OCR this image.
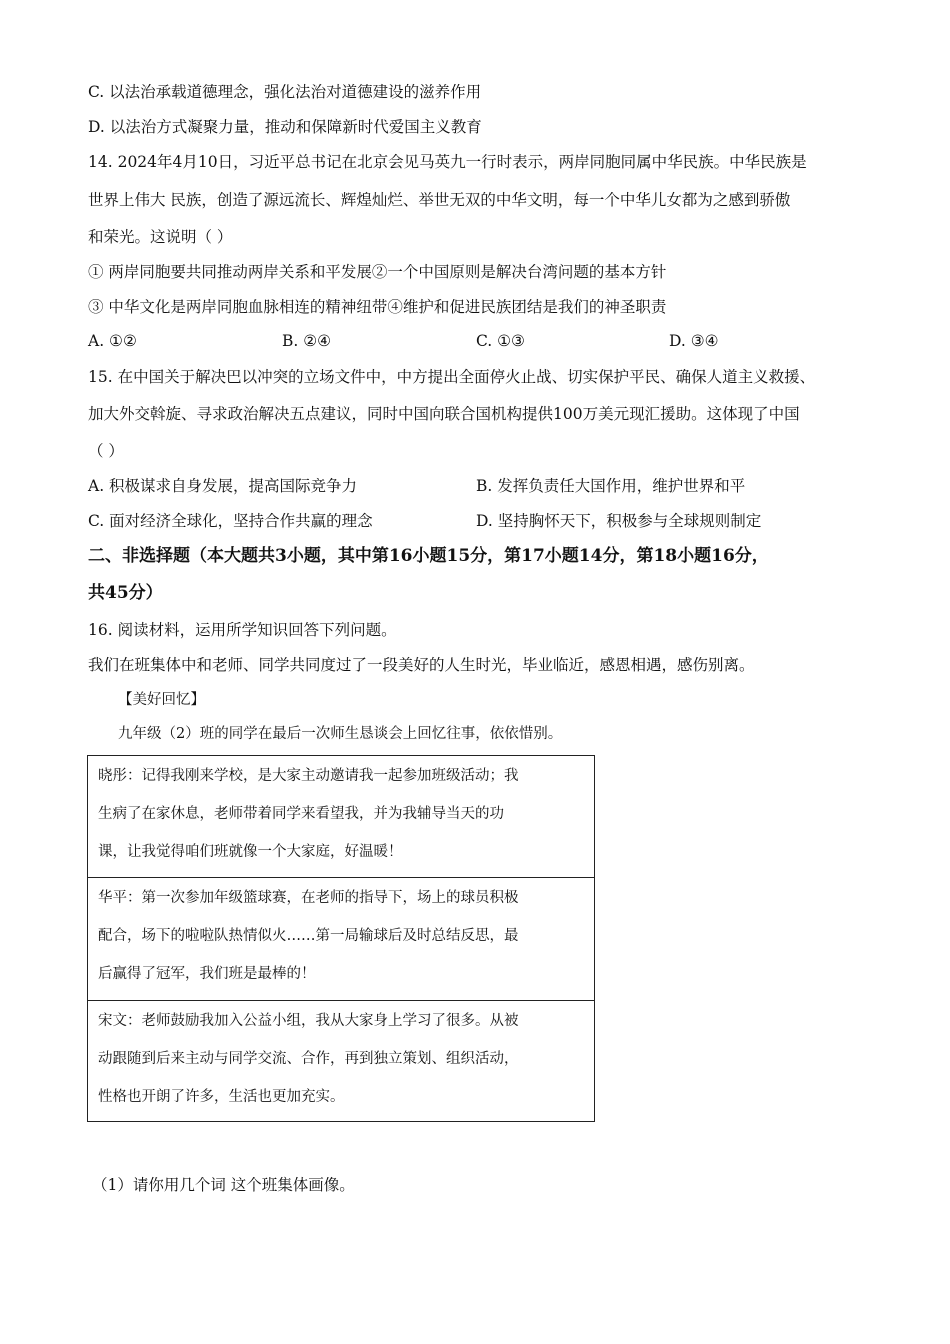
C. 以法治承载道德理念，强化法治对道德建设的滋养作用
D. 以法治方式凝聚力量，推动和保障新时代爱国主义教育
14. 2024年4月10日，习近平总书记在北京会见马英九一行时表示，两岸同胞同属中华民族。中华民族是
世界上伟大 民族，创造了源远流长、辉煌灿烂、举世无双的中华文明，每一个中华儿女都为之感到骄傲
和荣光。这说明（ ）
① 两岸同胞要共同推动两岸关系和平发展②一个中国原则是解决台湾问题的基本方针
③ 中华文化是两岸同胞血脉相连的精神纽带④维护和促进民族团结是我们的神圣职责
A. ①②	B. ②④	C. ①③	D. ③④
15. 在中国关于解决巴以冲突的立场文件中，中方提出全面停火止战、切实保护平民、确保人道主义救援、
加大外交斡旋、寻求政治解决五点建议，同时中国向联合国机构提供100万美元现汇援助。这体现了中国
（ ）
A. 积极谋求自身发展，提高国际竞争力	B. 发挥负责任大国作用，维护世界和平
C. 面对经济全球化，坚持合作共赢的理念	D. 坚持胸怀天下，积极参与全球规则制定
二、非选择题（本大题共3小题，其中第16小题15分，第17小题14分，第18小题16分，
共45分）
16. 阅读材料，运用所学知识回答下列问题。
我们在班集体中和老师、同学共同度过了一段美好的人生时光，毕业临近，感恩相遇，感伤别离。
【美好回忆】
九年级（2）班的同学在最后一次师生恳谈会上回忆往事，依依惜别。
晓彤：记得我刚来学校，是大家主动邀请我一起参加班级活动；我
生病了在家休息，老师带着同学来看望我，并为我辅导当天的功
课，让我觉得咱们班就像一个大家庭，好温暖！
华平：第一次参加年级篮球赛，在老师的指导下，场上的球员积极
配合，场下的啦啦队热情似火……第一局输球后及时总结反思，最
后赢得了冠军，我们班是最棒的！
宋文：老师鼓励我加入公益小组，我从大家身上学习了很多。从被
动跟随到后来主动与同学交流、合作，再到独立策划、组织活动，
性格也开朗了许多，生活也更加充实。
（1）请你用几个词 这个班集体画像。
